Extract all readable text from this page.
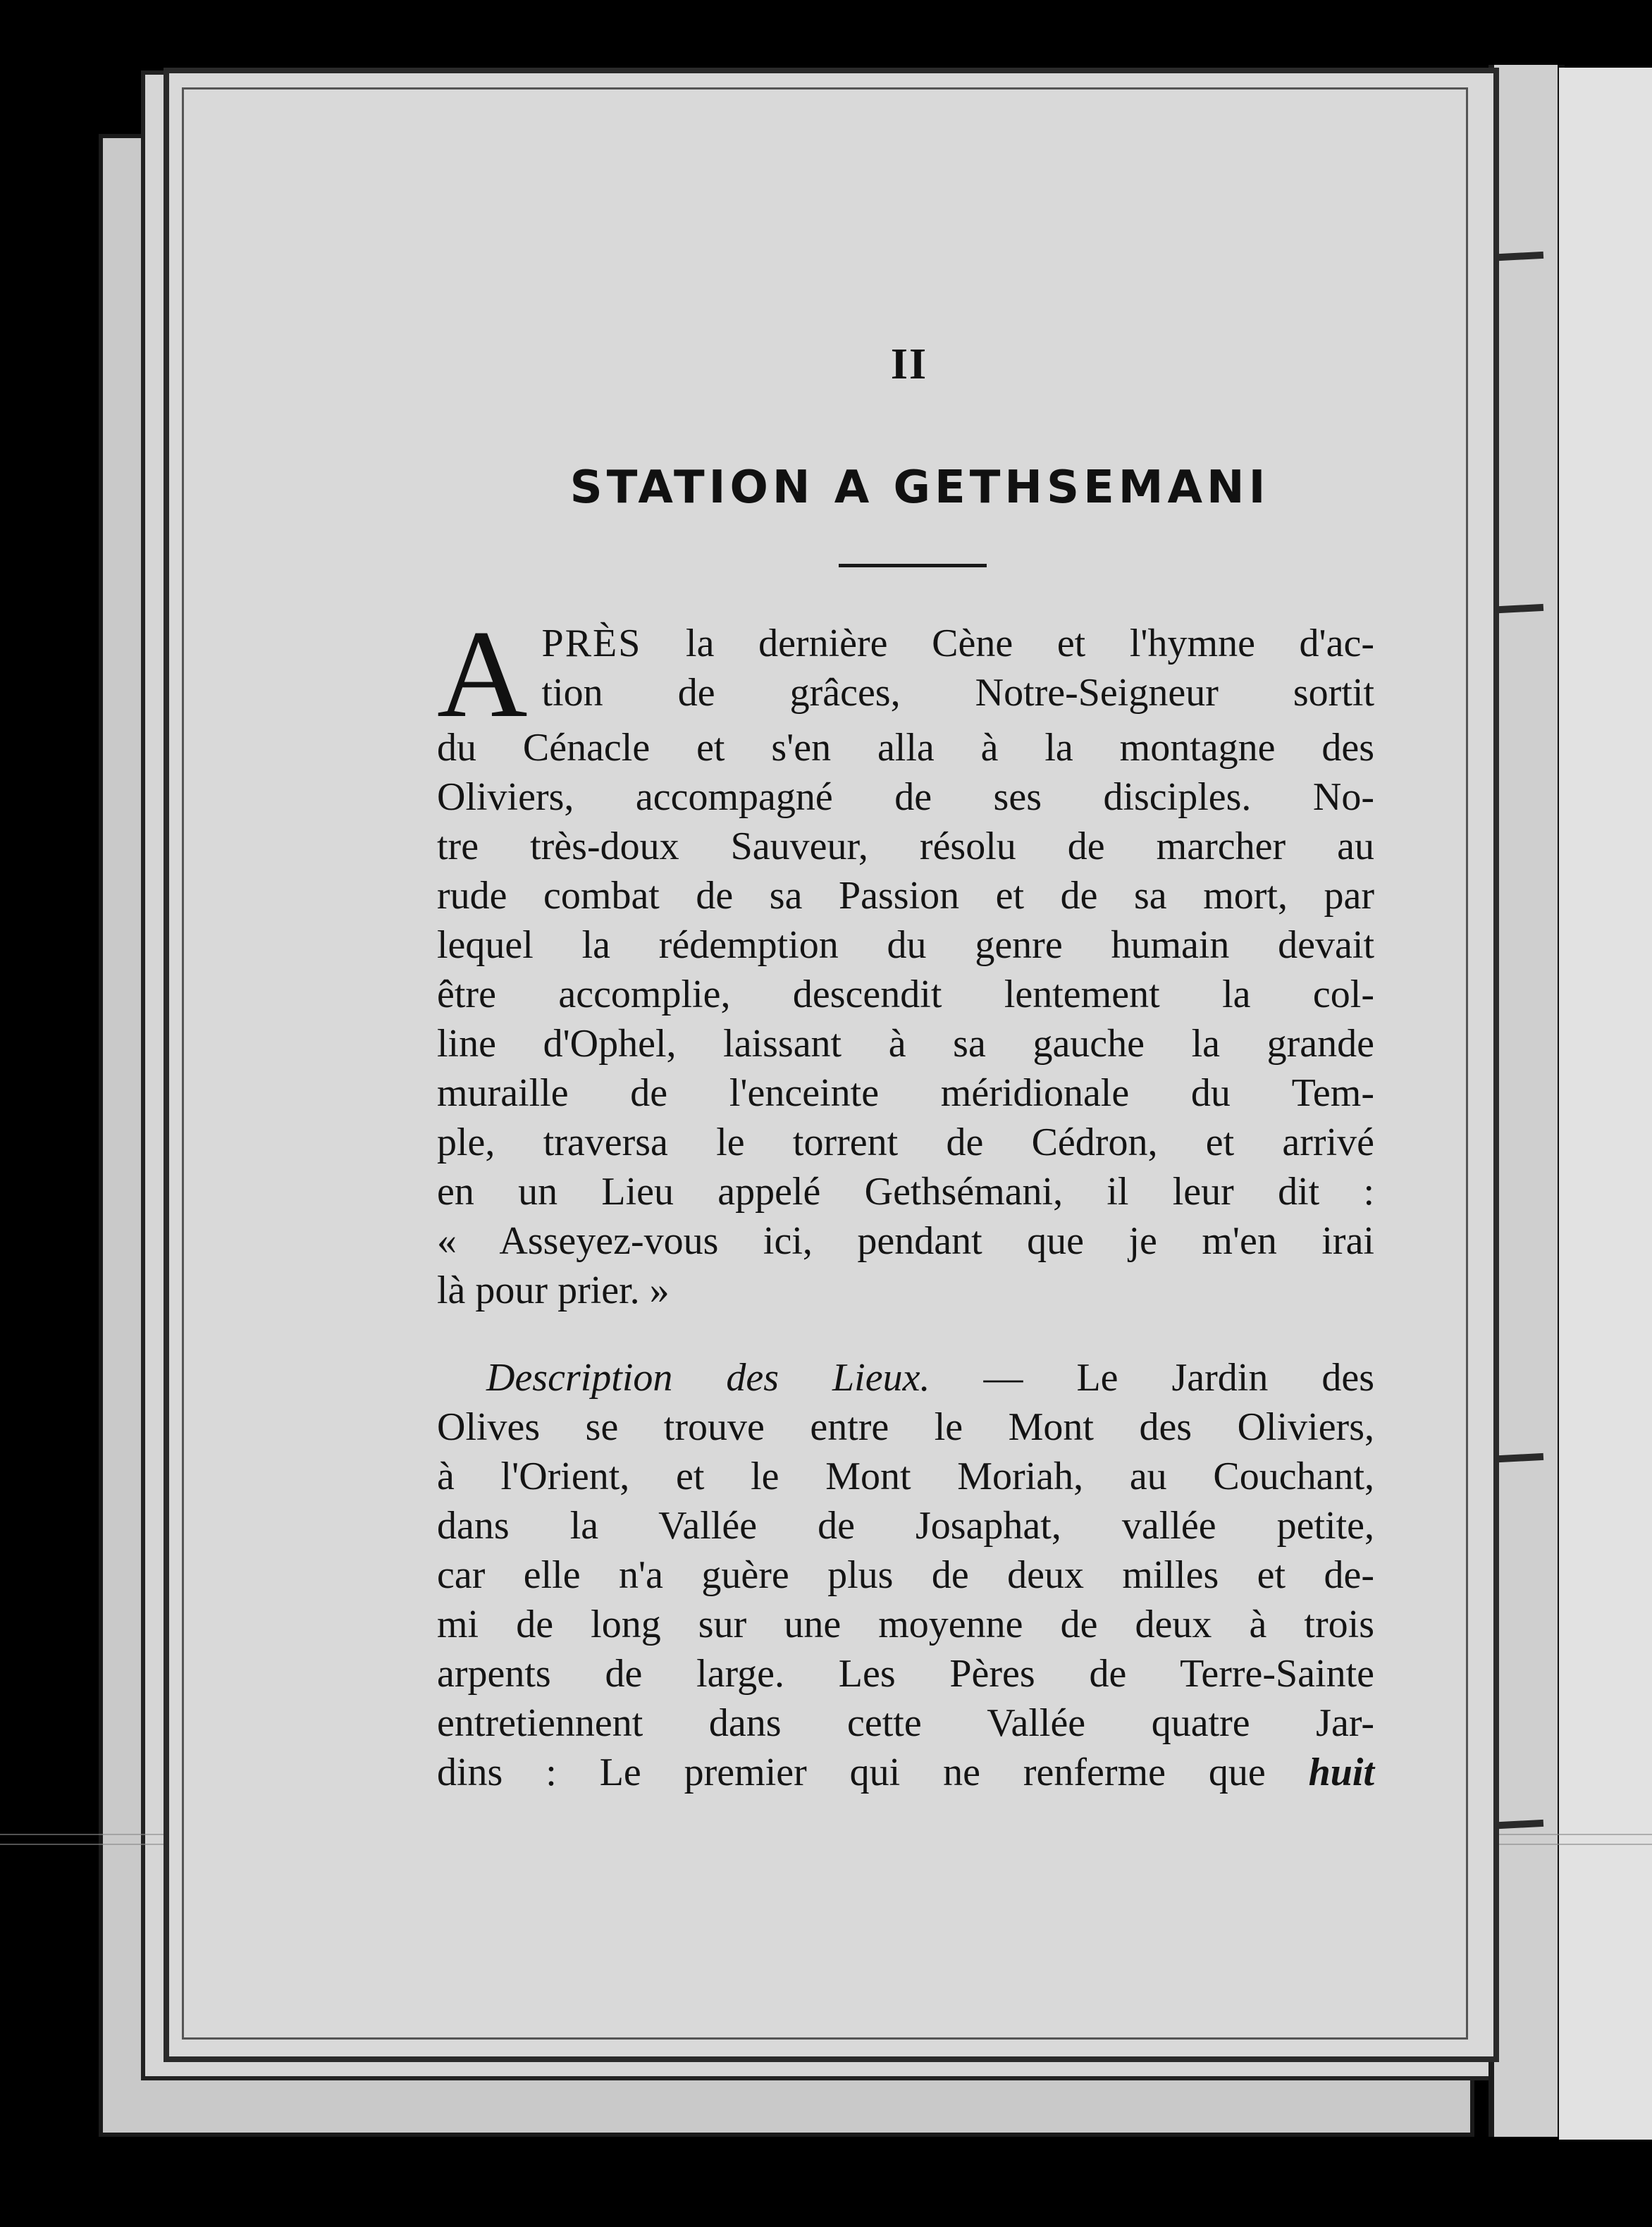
II
STATION A GETHSEMANI
A PRÈS la dernière Cène et l'hymne d'ac-
tion de grâces, Notre-Seigneur sortit
du Cénacle et s'en alla à la montagne des
Oliviers, accompagné de ses disciples. No-
tre très-doux Sauveur, résolu de marcher au
rude combat de sa Passion et de sa mort, par
lequel la rédemption du genre humain devait
être accomplie, descendit lentement la col-
line d'Ophel, laissant à sa gauche la grande
muraille de l'enceinte méridionale du Tem-
ple, traversa le torrent de Cédron, et arrivé
en un Lieu appelé Gethsémani, il leur dit :
« Asseyez-vous ici, pendant que je m'en irai
là pour prier. »
Description des Lieux. — Le Jardin des
Olives se trouve entre le Mont des Oliviers,
à l'Orient, et le Mont Moriah, au Couchant,
dans la Vallée de Josaphat, vallée petite,
car elle n'a guère plus de deux milles et de-
mi de long sur une moyenne de deux à trois
arpents de large. Les Pères de Terre-Sainte
entretiennent dans cette Vallée quatre Jar-
dins : Le premier qui ne renferme que huit
